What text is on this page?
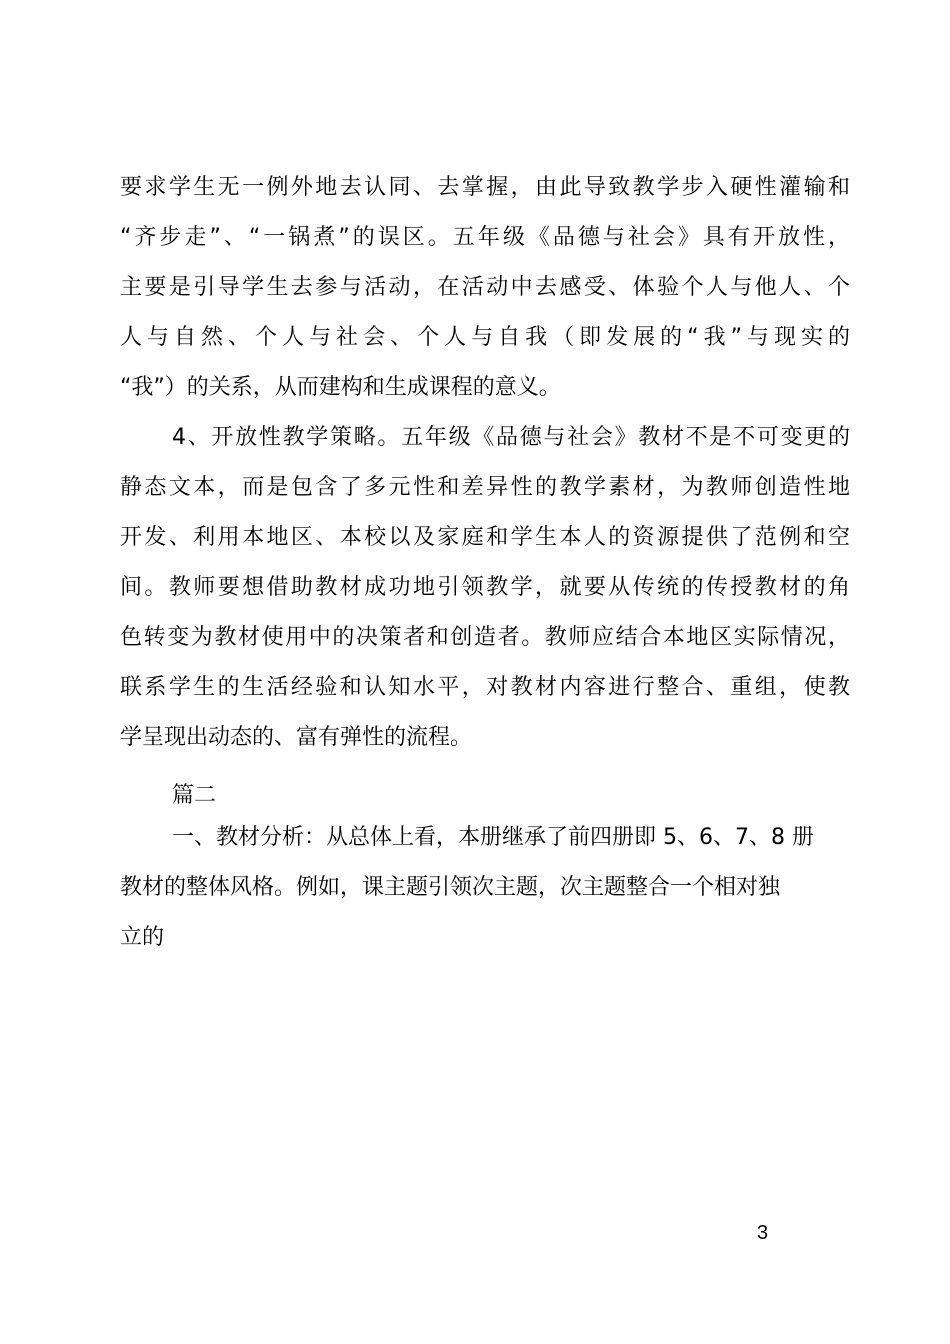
要求学生无一例外地去认同、去掌握，由此导致教学步入硬性灌输和
“齐步走”、“一锅煮”的误区。五年级《品德与社会》具有开放性，
主要是引导学生去参与活动，在活动中去感受、体验个人与他人、个
人与自然、个人与社会、个人与自我（即发展的“我”与现实的
“我”）的关系，从而建构和生成课程的意义。
4、开放性教学策略。五年级《品德与社会》教材不是不可变更的
静态文本，而是包含了多元性和差异性的教学素材，为教师创造性地
开发、利用本地区、本校以及家庭和学生本人的资源提供了范例和空
间。教师要想借助教材成功地引领教学，就要从传统的传授教材的角
色转变为教材使用中的决策者和创造者。教师应结合本地区实际情况，
联系学生的生活经验和认知水平，对教材内容进行整合、重组，使教
学呈现出动态的、富有弹性的流程。
篇二
一、教材分析：从总体上看，本册继承了前四册即 5、6、7、8 册
教材的整体风格。例如，课主题引领次主题，次主题整合一个相对独
立的
3
